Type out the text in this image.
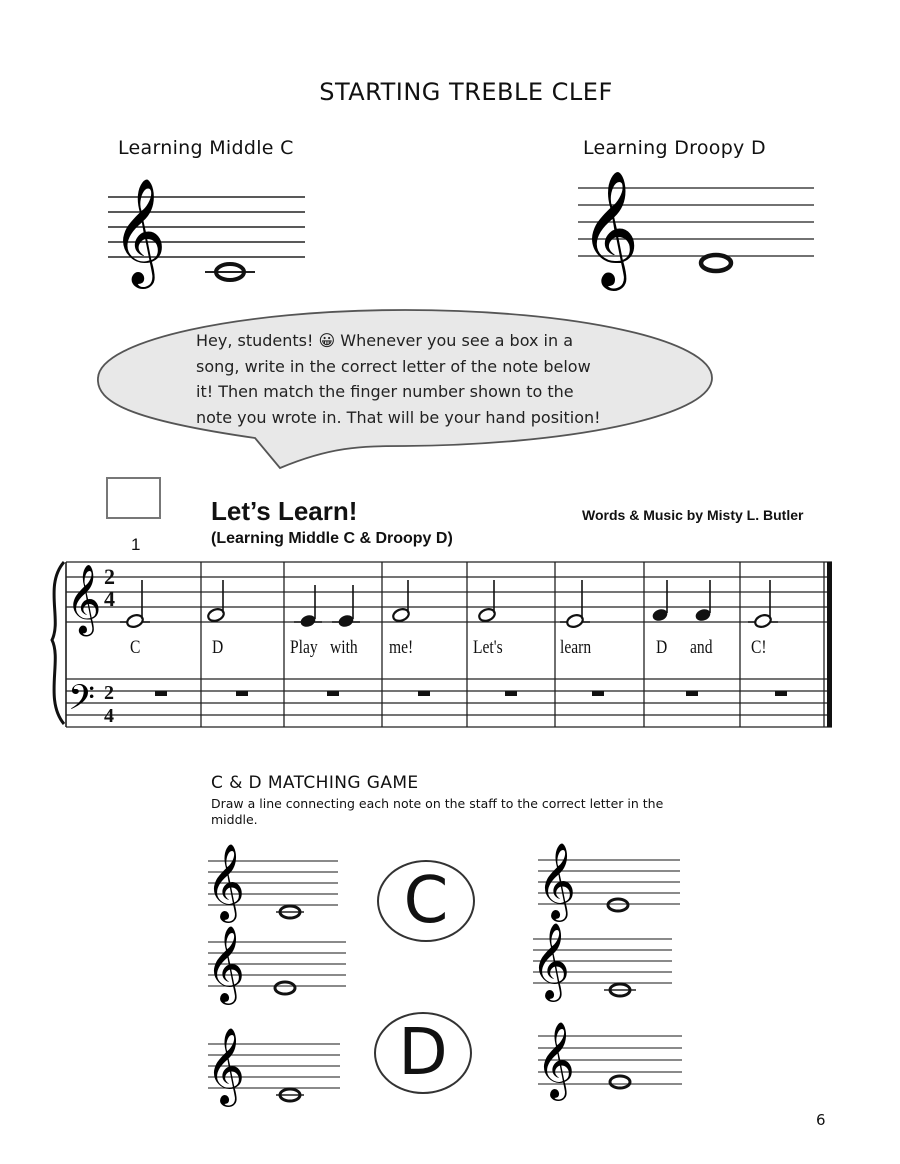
STARTING TREBLE CLEF
Learning Middle C	Learning Droopy D
𝄞	𝄞
𝄞
𝄢
𝄞
𝄞
𝄞
𝄞
𝄞
𝄞
2
4
2
4
Hey, students! 😀 Whenever you see a box in a
song, write in the correct letter of the note below
it! Then match the finger number shown to the
note you wrote in. That will be your hand position!
1
Let’s Learn!
(Learning Middle C & Droopy D)
Words & Music by Misty L. Butler
C	D	Play with me!	Let's	learn	D and C!
C & D MATCHING GAME
Draw a line connecting each note on the staff to the correct letter in the middle.
C
D
6
